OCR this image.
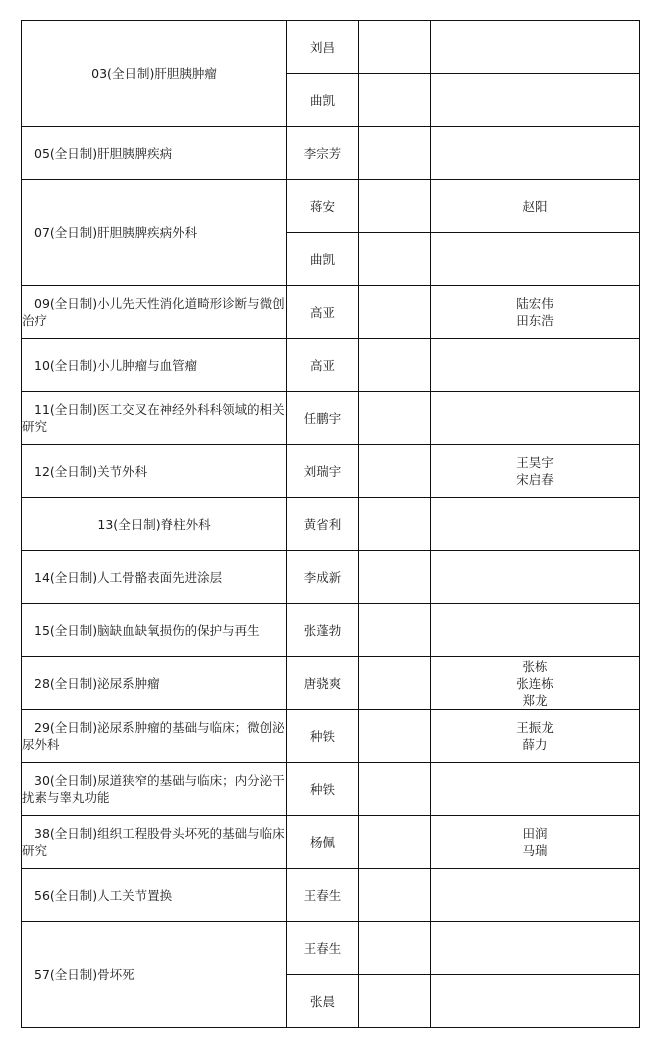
03(全日制)肝胆胰肿瘤	刘昌		

	曲凯		

05(全日制)肝胆胰脾疾病	李宗芳		

07(全日制)肝胆胰脾疾病外科	蒋安		赵阳

	曲凯		

09(全日制)小儿先天性消化道畸形诊断与微创治疗	高亚		陆宏伟
田东浩

10(全日制)小儿肿瘤与血管瘤	高亚		

11(全日制)医工交叉在神经外科科领域的相关研究	任鹏宇		

12(全日制)关节外科	刘瑞宇		王昊宇
宋启春

13(全日制)脊柱外科	黄省利		

14(全日制)人工骨骼表面先进涂层	李成新		

15(全日制)脑缺血缺氧损伤的保护与再生	张蓬勃		

28(全日制)泌尿系肿瘤	唐骁爽		张栋
张连栋
郑龙

29(全日制)泌尿系肿瘤的基础与临床；微创泌尿外科	种铁		王振龙
薛力

30(全日制)尿道狭窄的基础与临床；内分泌干扰素与睾丸功能	种铁		

38(全日制)组织工程股骨头坏死的基础与临床研究	杨佩		田润
马瑞

56(全日制)人工关节置换	王春生		

57(全日制)骨坏死	王春生		

	张晨		
